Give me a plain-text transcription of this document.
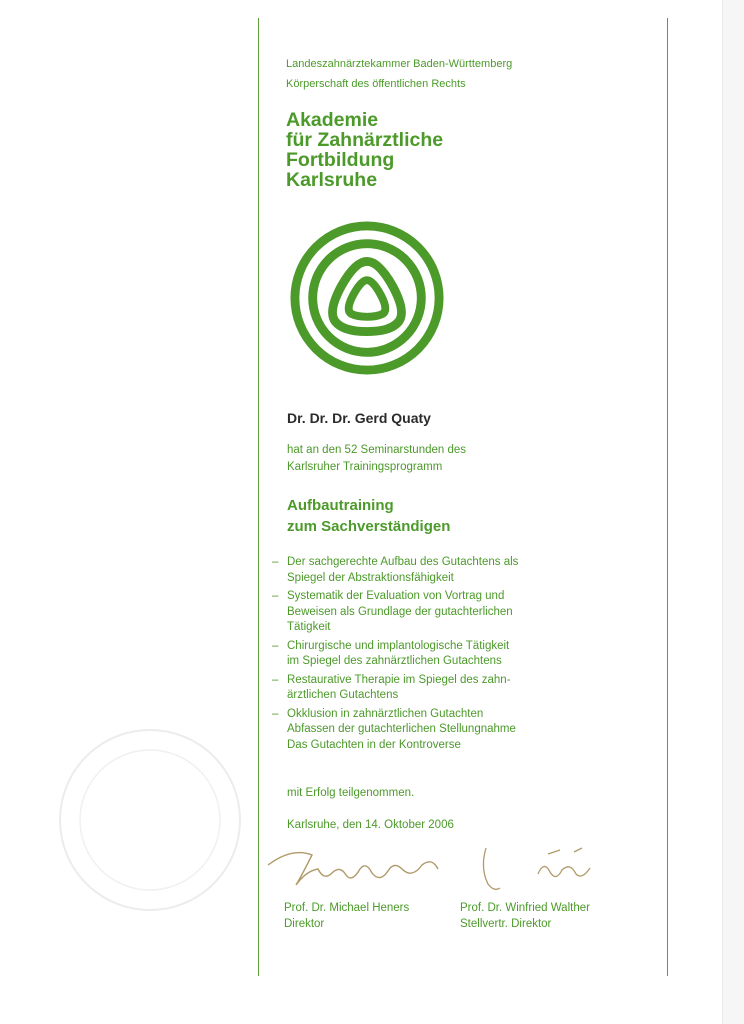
Landeszahnärztekammer Baden-Württemberg
Körperschaft des öffentlichen Rechts
Akademie
für Zahnärztliche
Fortbildung
Karlsruhe
Dr. Dr. Dr. Gerd Quaty
hat an den 52 Seminarstunden des
Karlsruher Trainingsprogramm
Aufbautraining
zum Sachverständigen
– Der sachgerechte Aufbau des Gutachtens als
Spiegel der Abstraktionsfähigkeit
– Systematik der Evaluation von Vortrag und
Beweisen als Grundlage der gutachterlichen
Tätigkeit
– Chirurgische und implantologische Tätigkeit
im Spiegel des zahnärztlichen Gutachtens
– Restaurative Therapie im Spiegel des zahn-
ärztlichen Gutachtens
– Okklusion in zahnärztlichen Gutachten
Abfassen der gutachterlichen Stellungnahme
Das Gutachten in der Kontroverse
mit Erfolg teilgenommen.
Karlsruhe, den 14. Oktober 2006
Prof. Dr. Michael Heners
Direktor
Prof. Dr. Winfried Walther
Stellvertr. Direktor
